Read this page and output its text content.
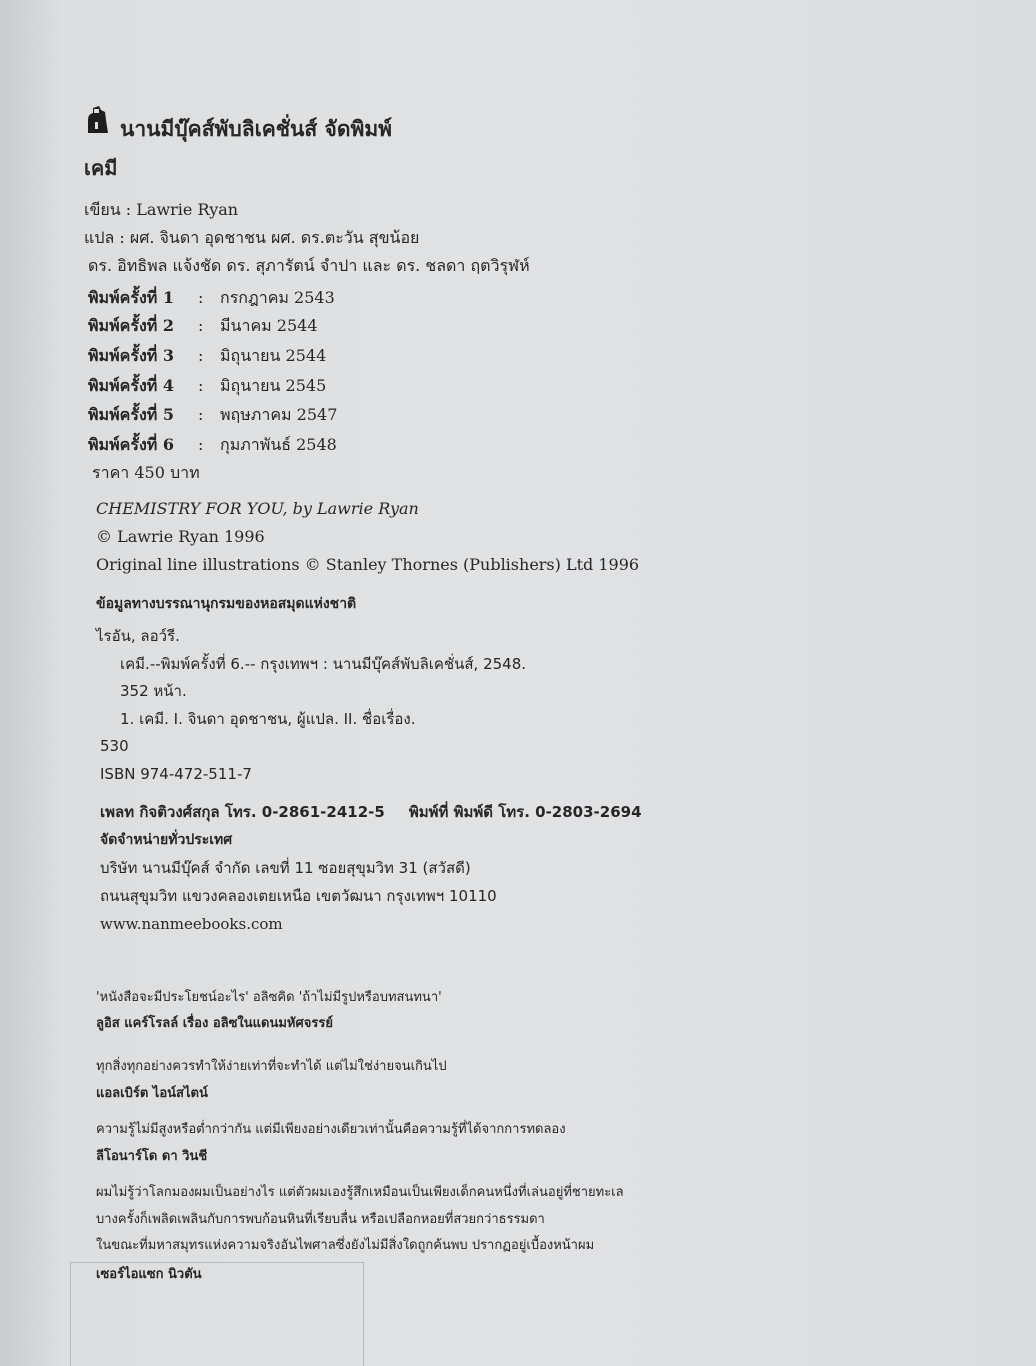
นานมีบุ๊คส์พับลิเคชั่นส์ จัดพิมพ์
เคมี
เขียน : Lawrie Ryan
แปล : ผศ. จินดา อุดชาชน ผศ. ดร.ตะวัน สุขน้อย
ดร. อิทธิพล แจ้งชัด ดร. สุภารัตน์ จำปา และ ดร. ชลดา ฤตวิรุฬห์
พิมพ์ครั้งที่ 1 : กรกฎาคม 2543
พิมพ์ครั้งที่ 2 : มีนาคม 2544
พิมพ์ครั้งที่ 3 : มิถุนายน 2544
พิมพ์ครั้งที่ 4 : มิถุนายน 2545
พิมพ์ครั้งที่ 5 : พฤษภาคม 2547
พิมพ์ครั้งที่ 6 : กุมภาพันธ์ 2548
ราคา 450 บาท
CHEMISTRY FOR YOU, by Lawrie Ryan
© Lawrie Ryan 1996
Original line illustrations © Stanley Thornes (Publishers) Ltd 1996
ข้อมูลทางบรรณานุกรมของหอสมุดแห่งชาติ
ไรอัน, ลอว์รี.
เคมี.--พิมพ์ครั้งที่ 6.-- กรุงเทพฯ : นานมีบุ๊คส์พับลิเคชั่นส์, 2548.
352 หน้า.
1. เคมี. I. จินดา อุดชาชน, ผู้แปล. II. ชื่อเรื่อง.
530
ISBN 974-472-511-7
เพลท กิจติวงศ์สกุล โทร. 0-2861-2412-5 พิมพ์ที่ พิมพ์ดี โทร. 0-2803-2694
จัดจำหน่ายทั่วประเทศ
บริษัท นานมีบุ๊คส์ จำกัด เลขที่ 11 ซอยสุขุมวิท 31 (สวัสดี)
ถนนสุขุมวิท แขวงคลองเตยเหนือ เขตวัฒนา กรุงเทพฯ 10110
www.nanmeebooks.com
'หนังสือจะมีประโยชน์อะไร' อลิซคิด 'ถ้าไม่มีรูปหรือบทสนทนา'
ลูอิส แคร์โรลล์ เรื่อง อลิซในแดนมหัศจรรย์
ทุกสิ่งทุกอย่างควรทำให้ง่ายเท่าที่จะทำได้ แต่ไม่ใช่ง่ายจนเกินไป
แอลเบิร์ต ไอน์สไตน์
ความรู้ไม่มีสูงหรือต่ำกว่ากัน แต่มีเพียงอย่างเดียวเท่านั้นคือความรู้ที่ได้จากการทดลอง
ลีโอนาร์โด ดา วินชี
ผมไม่รู้ว่าโลกมองผมเป็นอย่างไร แต่ตัวผมเองรู้สึกเหมือนเป็นเพียงเด็กคนหนึ่งที่เล่นอยู่ที่ชายทะเล
บางครั้งก็เพลิดเพลินกับการพบก้อนหินที่เรียบลื่น หรือเปลือกหอยที่สวยกว่าธรรมดา
ในขณะที่มหาสมุทรแห่งความจริงอันไพศาลซึ่งยังไม่มีสิ่งใดถูกค้นพบ ปรากฏอยู่เบื้องหน้าผม
เซอร์ไอแซก นิวตัน
